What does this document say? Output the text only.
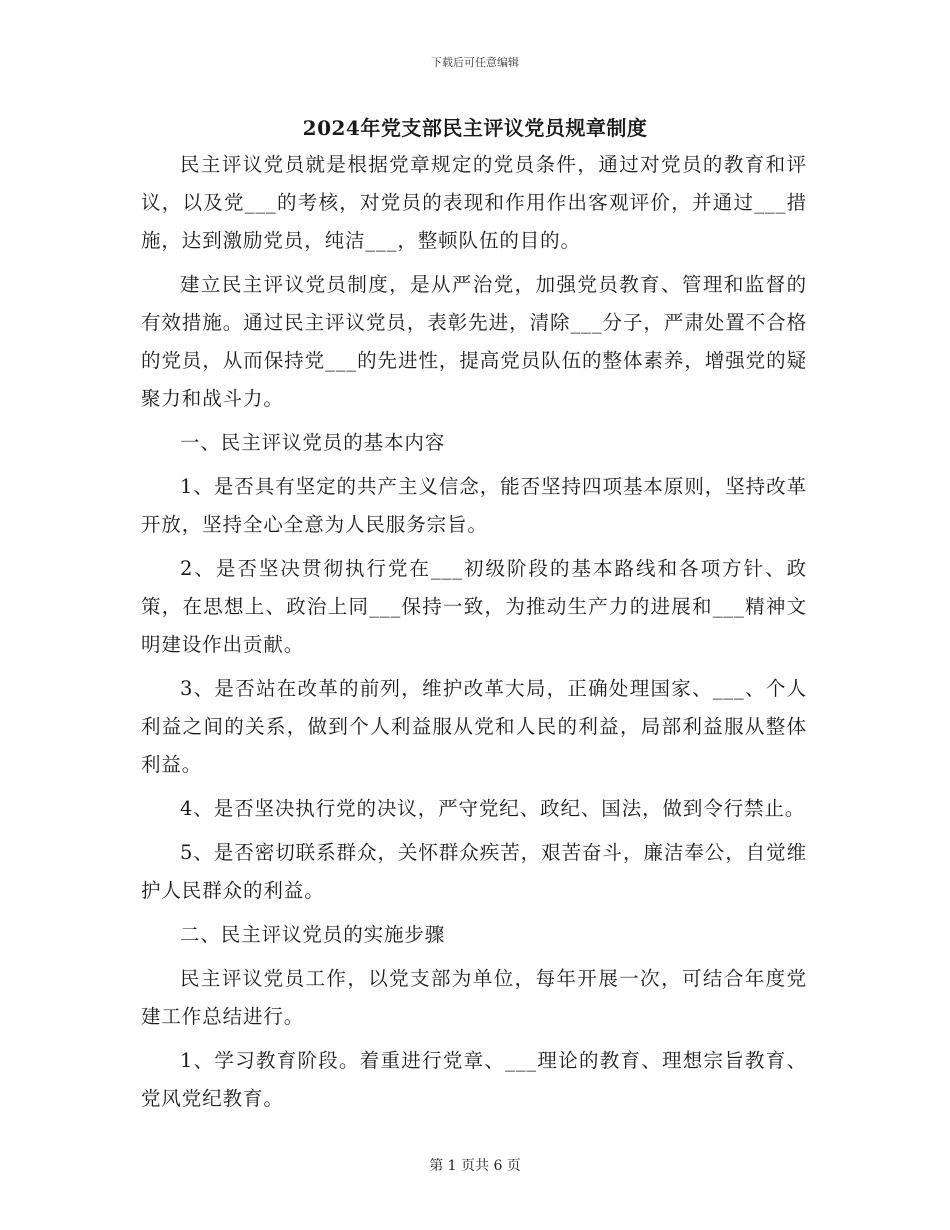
下载后可任意编辑
2024年党支部民主评议党员规章制度

民主评议党员就是根据党章规定的党员条件，通过对党员的教育和评议，以及党___的考核，对党员的表现和作用作出客观评价，并通过___措施，达到激励党员，纯洁___，整顿队伍的目的。

建立民主评议党员制度，是从严治党，加强党员教育、管理和监督的有效措施。通过民主评议党员，表彰先进，清除___分子，严肃处置不合格的党员，从而保持党___的先进性，提高党员队伍的整体素养，增强党的疑聚力和战斗力。

一、民主评议党员的基本内容

1、是否具有坚定的共产主义信念，能否坚持四项基本原则，坚持改革开放，坚持全心全意为人民服务宗旨。

2、是否坚决贯彻执行党在___初级阶段的基本路线和各项方针、政策，在思想上、政治上同___保持一致，为推动生产力的进展和___精神文明建设作出贡献。

3、是否站在改革的前列，维护改革大局，正确处理国家、___、个人利益之间的关系，做到个人利益服从党和人民的利益，局部利益服从整体利益。

4、是否坚决执行党的决议，严守党纪、政纪、国法，做到令行禁止。

5、是否密切联系群众，关怀群众疾苦，艰苦奋斗，廉洁奉公，自觉维护人民群众的利益。

二、民主评议党员的实施步骤

民主评议党员工作，以党支部为单位，每年开展一次，可结合年度党建工作总结进行。

1、学习教育阶段。着重进行党章、___理论的教育、理想宗旨教育、党风党纪教育。

第 1 页共 6 页
